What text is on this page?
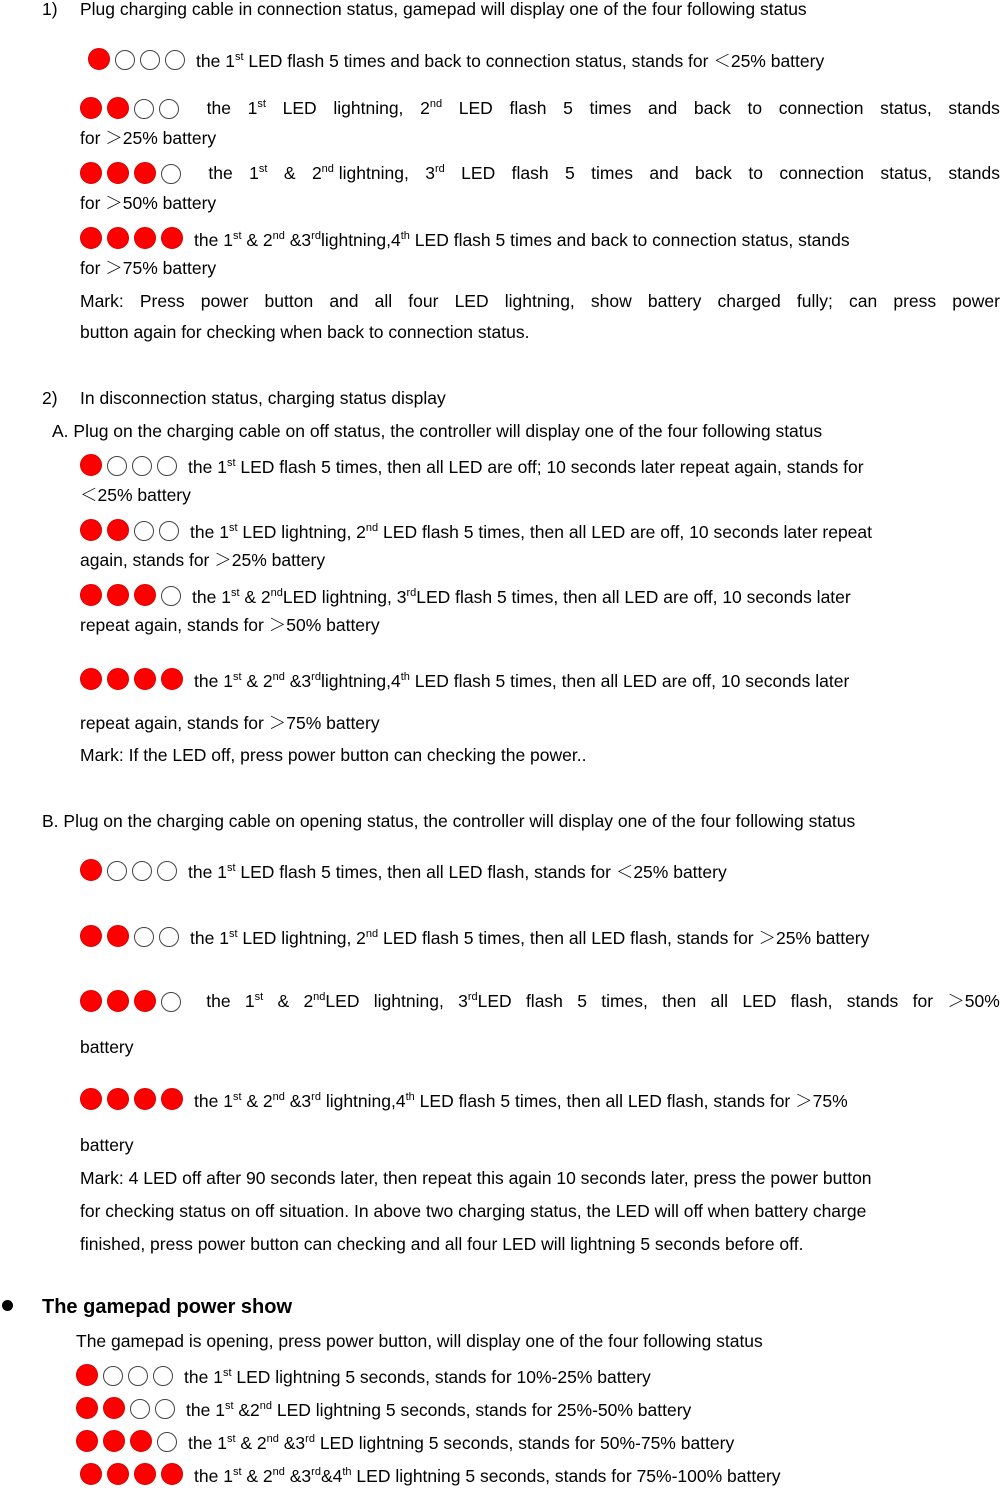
1) Plug charging cable in connection status, gamepad will display one of the four following status
the 1st LED flash 5 times and back to connection status, stands for ＜25% battery
the 1st LED lightning, 2nd LED flash 5 times and back to connection status, stands
for ＞25% battery
the 1st & 2nd lightning, 3rd LED flash 5 times and back to connection status, stands
for ＞50% battery
the 1st & 2nd &3rdlightning,4th LED flash 5 times and back to connection status, stands
for ＞75% battery
Mark: Press power button and all four LED lightning, show battery charged fully; can press power
button again for checking when back to connection status.
2) In disconnection status, charging status display
A. Plug on the charging cable on off status, the controller will display one of the four following status
the 1st LED flash 5 times, then all LED are off; 10 seconds later repeat again, stands for
＜25% battery
the 1st LED lightning, 2nd LED flash 5 times, then all LED are off, 10 seconds later repeat
again, stands for ＞25% battery
the 1st & 2ndLED lightning, 3rdLED flash 5 times, then all LED are off, 10 seconds later
repeat again, stands for ＞50% battery
the 1st & 2nd &3rdlightning,4th LED flash 5 times, then all LED are off, 10 seconds later
repeat again, stands for ＞75% battery
Mark: If the LED off, press power button can checking the power..
B. Plug on the charging cable on opening status, the controller will display one of the four following status
the 1st LED flash 5 times, then all LED flash, stands for ＜25% battery
the 1st LED lightning, 2nd LED flash 5 times, then all LED flash, stands for ＞25% battery
the 1st & 2ndLED lightning, 3rdLED flash 5 times, then all LED flash, stands for ＞50%
battery
the 1st & 2nd &3rd lightning,4th LED flash 5 times, then all LED flash, stands for ＞75%
battery
Mark: 4 LED off after 90 seconds later, then repeat this again 10 seconds later, press the power button
for checking status on off situation. In above two charging status, the LED will off when battery charge
finished, press power button can checking and all four LED will lightning 5 seconds before off.
The gamepad power show
The gamepad is opening, press power button, will display one of the four following status
the 1st LED lightning 5 seconds, stands for 10%-25% battery
the 1st &2nd LED lightning 5 seconds, stands for 25%-50% battery
the 1st & 2nd &3rd LED lightning 5 seconds, stands for 50%-75% battery
the 1st & 2nd &3rd&4th LED lightning 5 seconds, stands for 75%-100% battery
